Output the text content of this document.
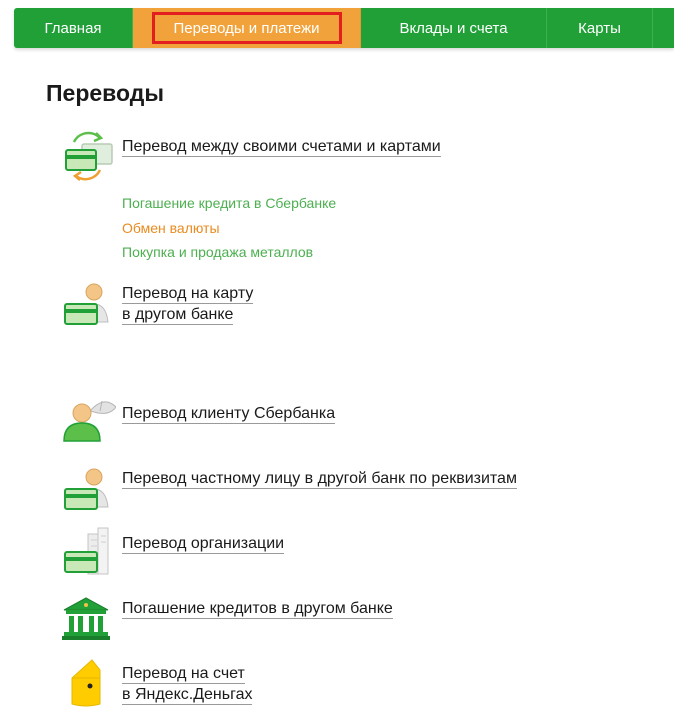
Главная	Переводы и платежи	Вклады и счета	Карты
Переводы
Перевод между своими счетами и картами
Погашение кредита в Сбербанке
Обмен валюты
Покупка и продажа металлов
Перевод на карту
в другом банке
Перевод клиенту Сбербанка
Перевод частному лицу в другой банк по реквизитам
Перевод организации
Погашение кредитов в другом банке
Перевод на счет
в Яндекс.Деньгах
